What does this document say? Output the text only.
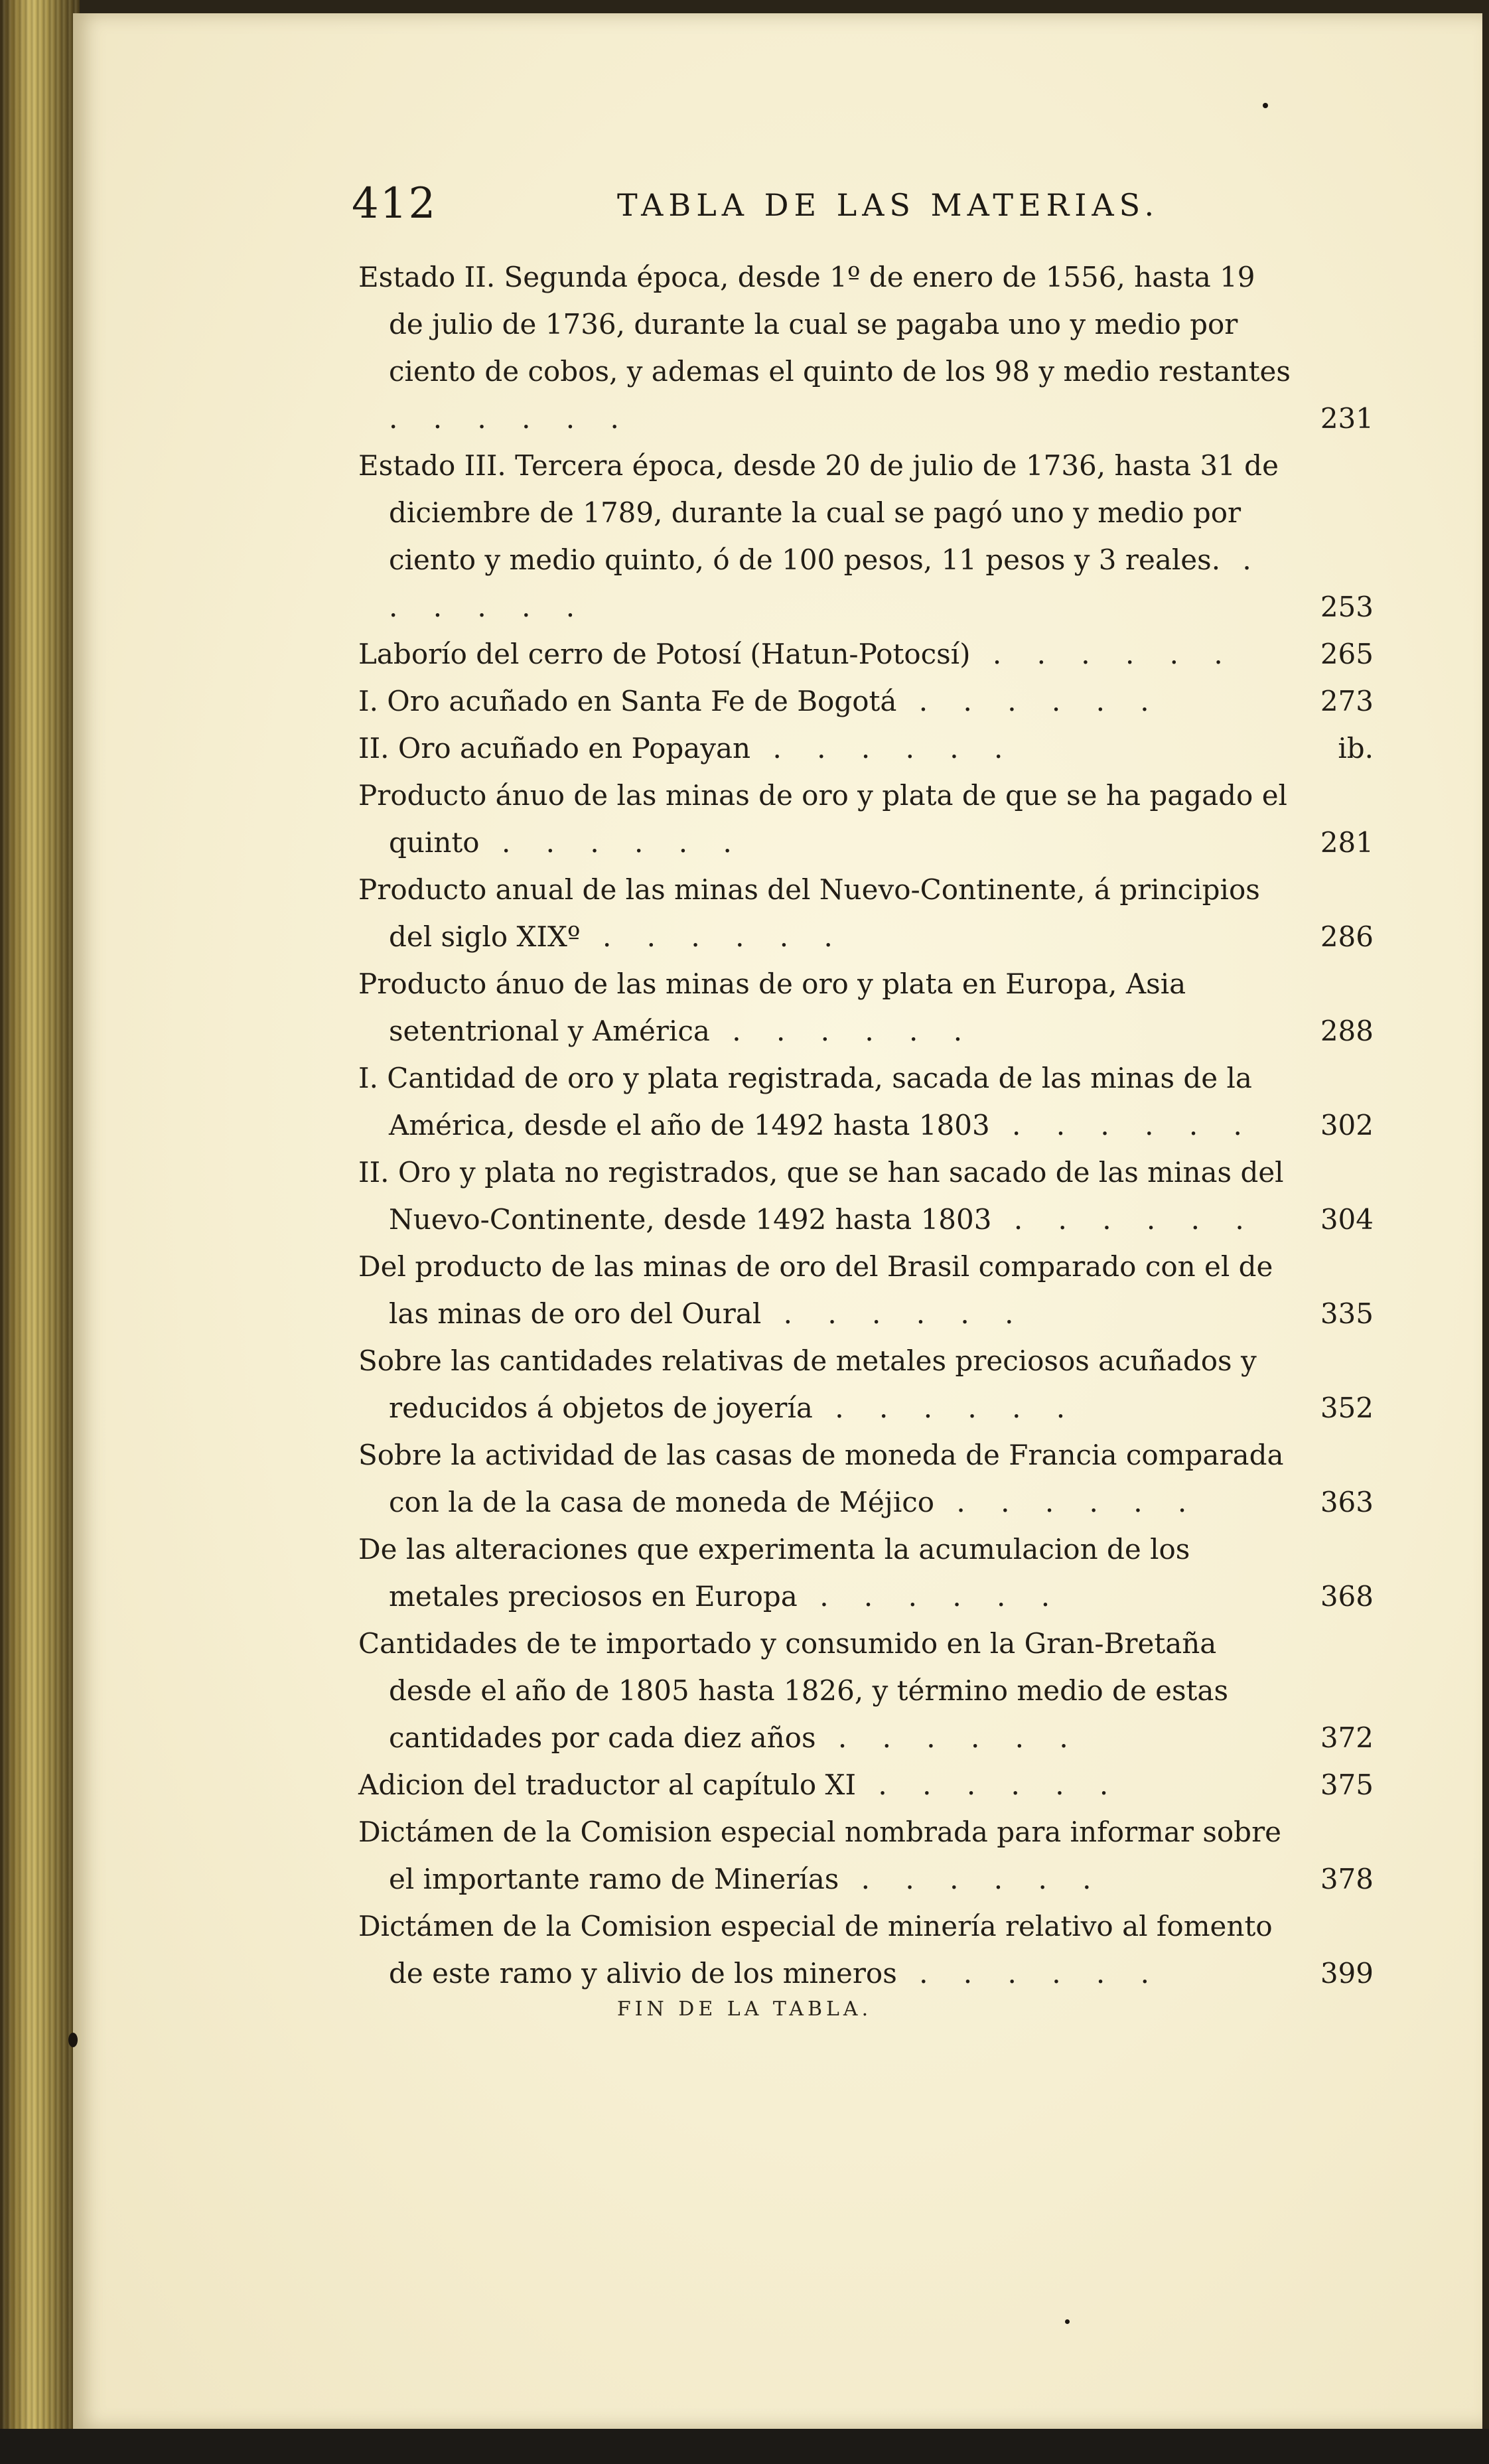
412	TABLA DE LAS MATERIAS.
Estado II. Segunda época, desde 1º de enero de 1556, hasta 19 de julio de 1736, durante la cual se pagaba uno y medio por ciento de cobos, y ademas el quinto de los 98 y medio restantes . . . . . .	231
Estado III. Tercera época, desde 20 de julio de 1736, hasta 31 de diciembre de 1789, durante la cual se pagó uno y medio por ciento y medio quinto, ó de 100 pesos, 11 pesos y 3 reales. . . . . . .	253
Laborío del cerro de Potosí (Hatun-Potocsí) . . . . . .	265
I. Oro acuñado en Santa Fe de Bogotá . . . . . .	273
II. Oro acuñado en Popayan . . . . . .	ib.
Producto ánuo de las minas de oro y plata de que se ha pagado el quinto . . . . . .	281
Producto anual de las minas del Nuevo-Continente, á principios del siglo XIXº . . . . . .	286
Producto ánuo de las minas de oro y plata en Europa, Asia setentrional y América . . . . . .	288
I. Cantidad de oro y plata registrada, sacada de las minas de la América, desde el año de 1492 hasta 1803 . . . . . .	302
II. Oro y plata no registrados, que se han sacado de las minas del Nuevo-Continente, desde 1492 hasta 1803 . . . . . .	304
Del producto de las minas de oro del Brasil comparado con el de las minas de oro del Oural . . . . . .	335
Sobre las cantidades relativas de metales preciosos acuñados y reducidos á objetos de joyería . . . . . .	352
Sobre la actividad de las casas de moneda de Francia comparada con la de la casa de moneda de Méjico . . . . . .	363
De las alteraciones que experimenta la acumulacion de los metales preciosos en Europa . . . . . .	368
Cantidades de te importado y consumido en la Gran-Bretaña desde el año de 1805 hasta 1826, y término medio de estas cantidades por cada diez años . . . . . .	372
Adicion del traductor al capítulo XI . . . . . .	375
Dictámen de la Comision especial nombrada para informar sobre el importante ramo de Minerías . . . . . .	378
Dictámen de la Comision especial de minería relativo al fomento de este ramo y alivio de los mineros . . . . . .	399
FIN DE LA TABLA.
